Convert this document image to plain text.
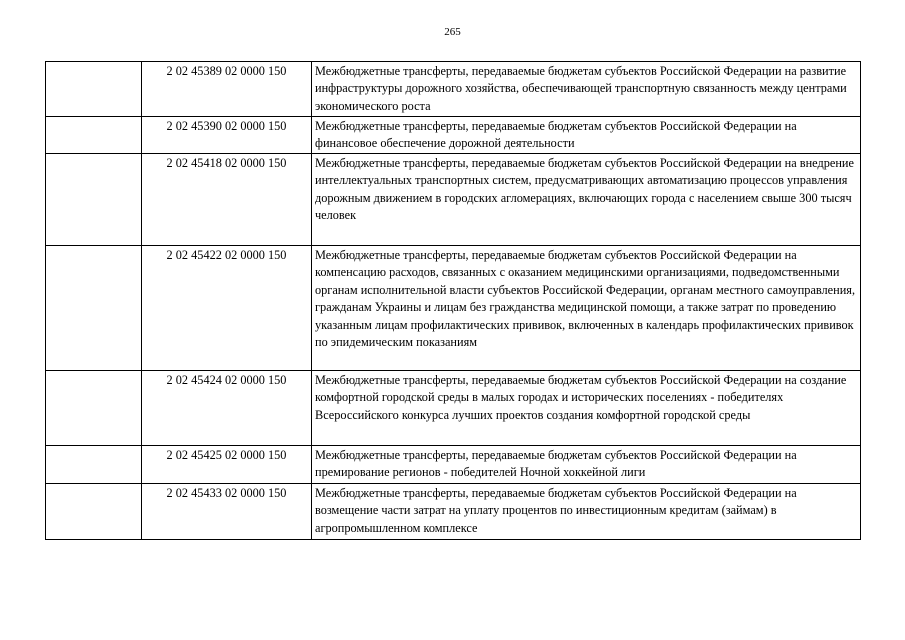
265
	2 02 45389 02 0000 150	Межбюджетные трансферты, передаваемые бюджетам субъектов Российской Федерации на развитие инфраструктуры дорожного хозяйства, обеспечивающей транспортную связанность между центрами экономического роста
	2 02 45390 02 0000 150	Межбюджетные трансферты, передаваемые бюджетам субъектов Российской Федерации на финансовое обеспечение дорожной деятельности
	2 02 45418 02 0000 150	Межбюджетные трансферты, передаваемые бюджетам субъектов Российской Федерации на внедрение интеллектуальных транспортных систем, предусматривающих автоматизацию процессов управления дорожным движением в городских агломерациях, включающих города с населением свыше 300 тысяч человек
	2 02 45422 02 0000 150	Межбюджетные трансферты, передаваемые бюджетам субъектов Российской Федерации на компенсацию расходов, связанных с оказанием медицинскими организациями, подведомственными органам исполнительной власти субъектов Российской Федерации, органам местного самоуправления, гражданам Украины и лицам без гражданства медицинской помощи, а также затрат по проведению указанным лицам профилактических прививок, включенных в календарь профилактических прививок по эпидемическим показаниям
	2 02 45424 02 0000 150	Межбюджетные трансферты, передаваемые бюджетам субъектов Российской Федерации на создание комфортной городской среды в малых городах и исторических поселениях - победителях Всероссийского конкурса лучших проектов создания комфортной городской среды
	2 02 45425 02 0000 150	Межбюджетные трансферты, передаваемые бюджетам субъектов Российской Федерации на премирование регионов - победителей Ночной хоккейной лиги
	2 02 45433 02 0000 150	Межбюджетные трансферты, передаваемые бюджетам субъектов Российской Федерации на возмещение части затрат на уплату процентов по инвестиционным кредитам (займам) в агропромышленном комплексе
